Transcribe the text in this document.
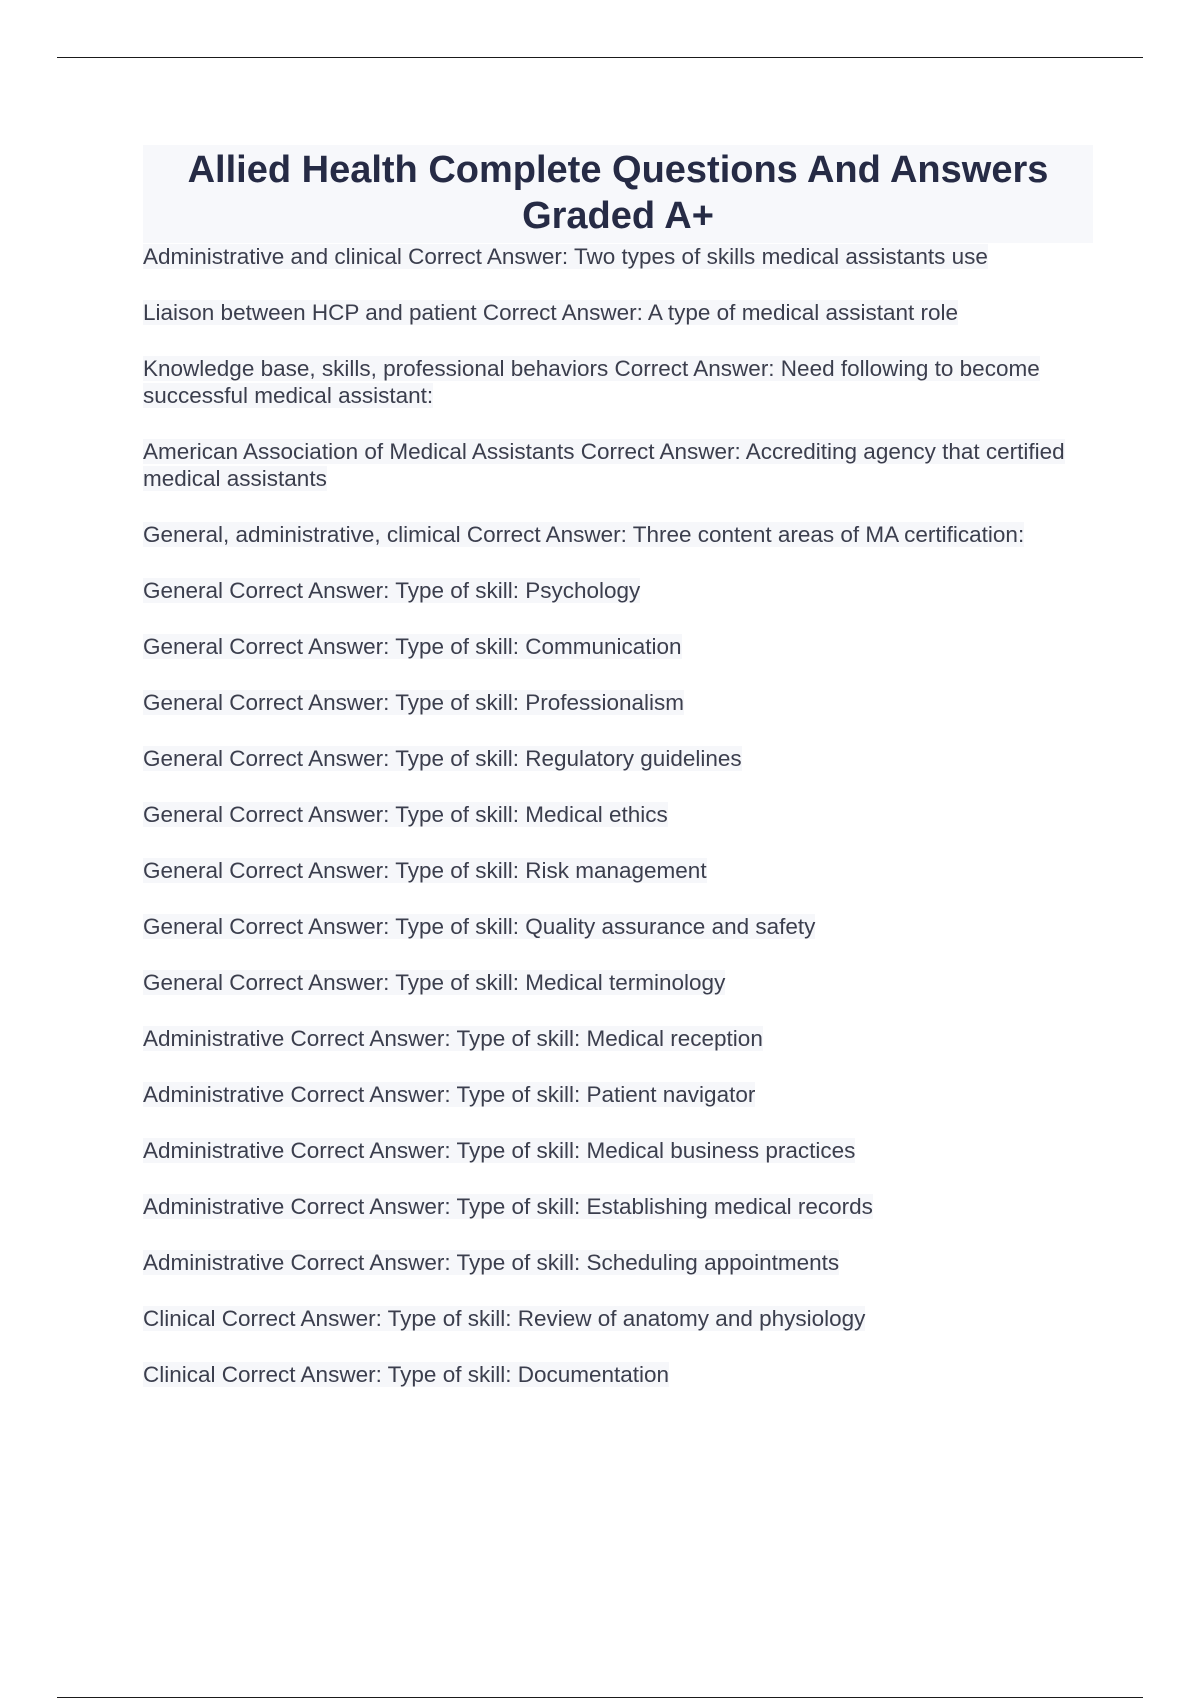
Allied Health Complete Questions And Answers Graded A+
Administrative and clinical Correct Answer: Two types of skills medical assistants use
Liaison between HCP and patient Correct Answer: A type of medical assistant role
Knowledge base, skills, professional behaviors Correct Answer: Need following to become successful medical assistant:
American Association of Medical Assistants Correct Answer: Accrediting agency that certified medical assistants
General, administrative, climical Correct Answer: Three content areas of MA certification:
General Correct Answer: Type of skill: Psychology
General Correct Answer: Type of skill: Communication
General Correct Answer: Type of skill: Professionalism
General Correct Answer: Type of skill: Regulatory guidelines
General Correct Answer: Type of skill: Medical ethics
General Correct Answer: Type of skill: Risk management
General Correct Answer: Type of skill: Quality assurance and safety
General Correct Answer: Type of skill: Medical terminology
Administrative Correct Answer: Type of skill: Medical reception
Administrative Correct Answer: Type of skill: Patient navigator
Administrative Correct Answer: Type of skill: Medical business practices
Administrative Correct Answer: Type of skill: Establishing medical records
Administrative Correct Answer: Type of skill: Scheduling appointments
Clinical Correct Answer: Type of skill: Review of anatomy and physiology
Clinical Correct Answer: Type of skill: Documentation
